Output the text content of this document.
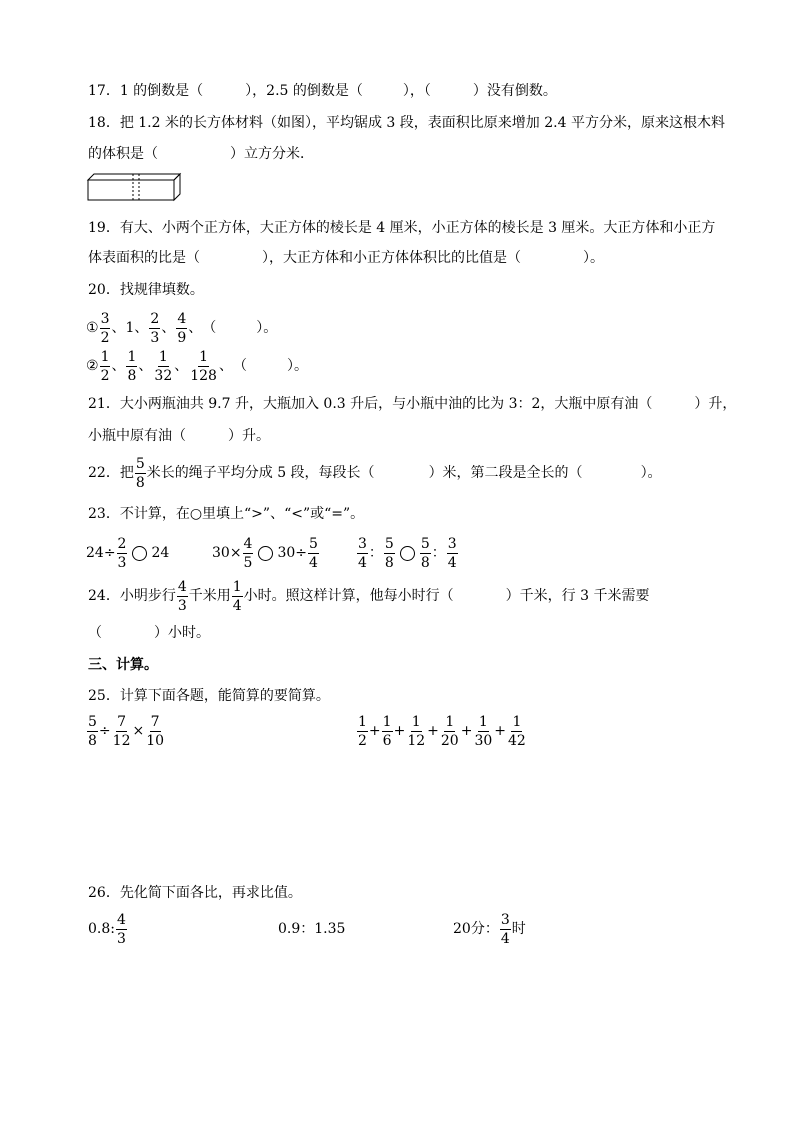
17．1 的倒数是（	），2.5 的倒数是（	），（	）没有倒数。
18．把 1.2 米的长方体材料（如图），平均锯成 3 段，表面积比原来增加 2.4 平方分米，原来这根木料
的体积是（	）立方分米．
19．有大、小两个正方体，大正方体的棱长是 4 厘米，小正方体的棱长是 3 厘米。大正方体和小正方
体表面积的比是（	），大正方体和小正方体体积比的比值是（	）。
20．找规律填数。
① $\frac{3}{2}$ 、 1 、 $\frac{2}{3}$ 、 $\frac{4}{9}$ 、 （	）。
② $\frac{1}{2}$ 、 $\frac{1}{8}$ 、 $\frac{1}{32}$ 、 $\frac{1}{128}$ 、 （	）。
21．大小两瓶油共 9.7 升，大瓶加入 0.3 升后，与小瓶中油的比为 3：2，大瓶中原有油（	）升，
小瓶中原有油（	）升。
22．把 $\frac{5}{8}$ 米长的绳子平均分成 5 段，每段长（	）米，第二段是全长的（	）。
23．不计算，在○里填上“>”、“<”或“=”。
$24\div \frac{2}{3} 24$	$30\times \frac{4}{5} 30\div \frac{5}{4}$	$\frac{3}{4}$ ： $\frac{5}{8} \frac{5}{8}$ ： $\frac{3}{4}$
24．小明步行 $\frac{4}{3}$ 千米用 $\frac{1}{4}$ 小时。照这样计算，他每小时行（	）千米，行 3 千米需要
（	）小时。
三、计算。
25．计算下面各题，能简算的要简算。
$\frac{5}{8} \div \frac{7}{12} \times \frac{7}{10}$	$\frac{1}{2} + \frac{1}{6} + \frac{1}{12} + \frac{1}{20} + \frac{1}{30} + \frac{1}{42}$
26．先化简下面各比，再求比值。
0.8: $\frac{4}{3}$	0.9：1.35	20分： $\frac{3}{4}$ 时
